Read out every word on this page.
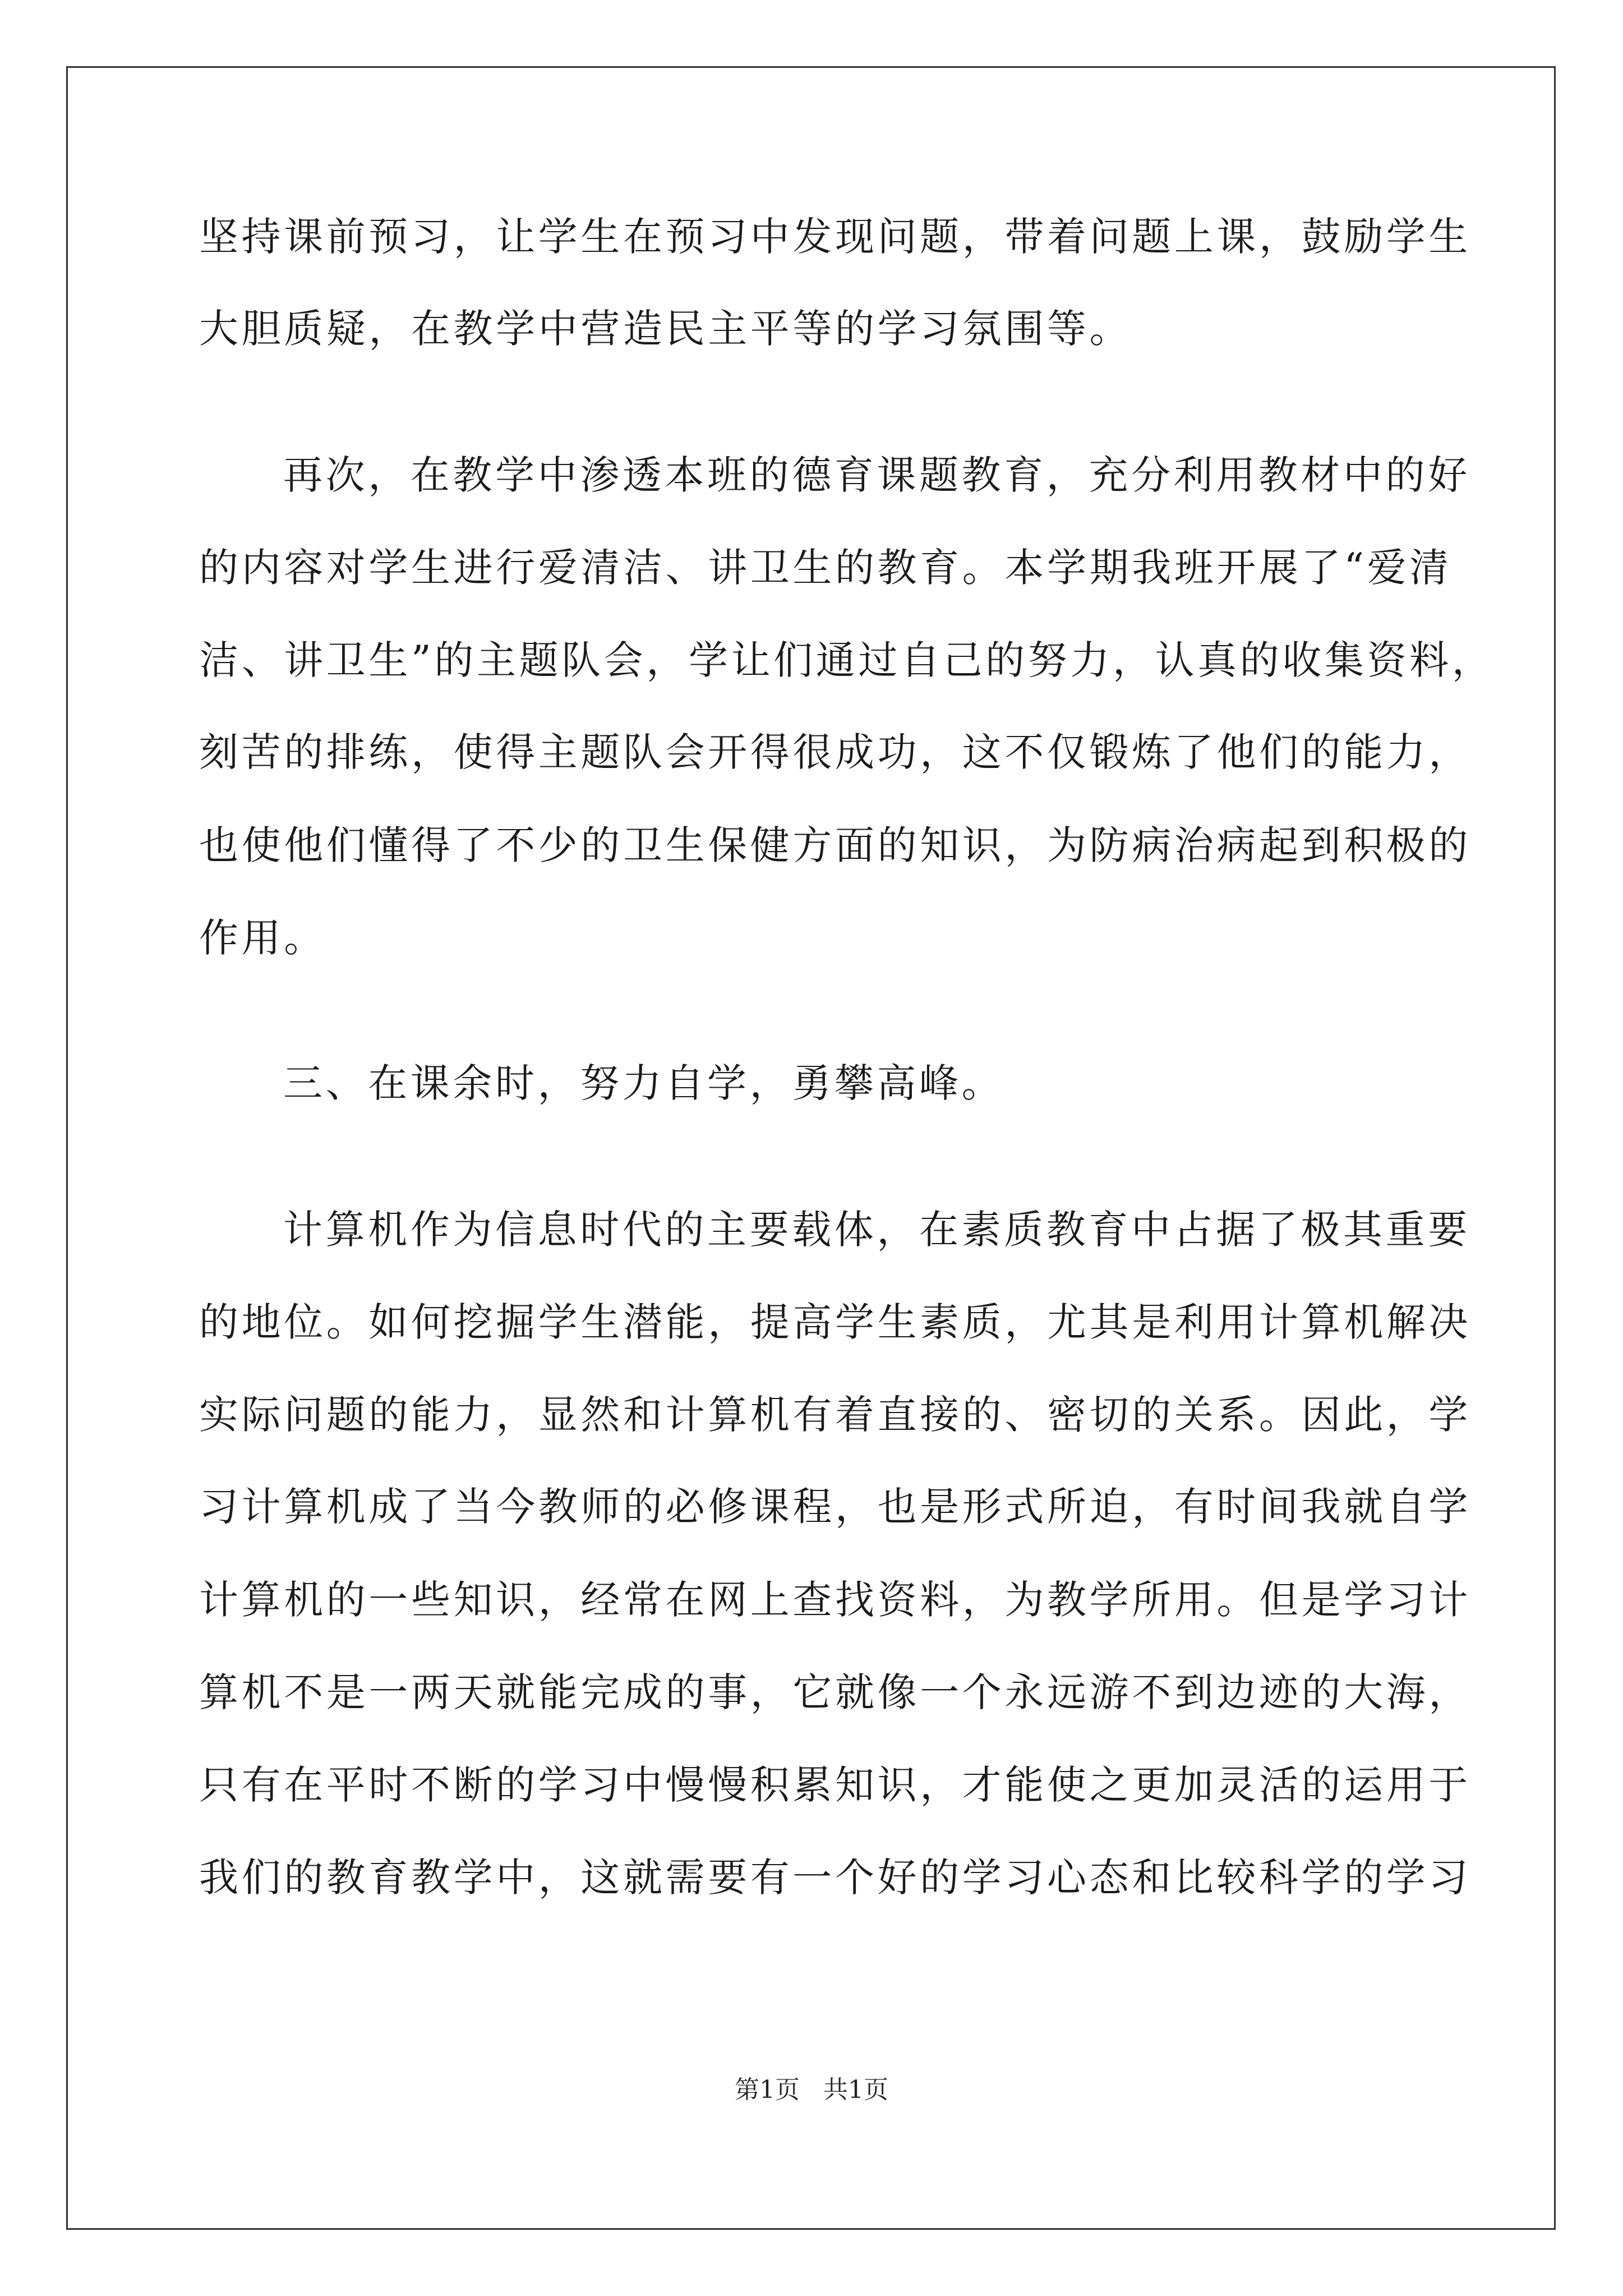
坚持课前预习，让学生在预习中发现问题，带着问题上课，鼓励学生
大胆质疑，在教学中营造民主平等的学习氛围等。
再次，在教学中渗透本班的德育课题教育，充分利用教材中的好
的内容对学生进行爱清洁、讲卫生的教育。本学期我班开展了“爱清
洁、讲卫生”的主题队会，学让们通过自己的努力，认真的收集资料，
刻苦的排练，使得主题队会开得很成功，这不仅锻炼了他们的能力，
也使他们懂得了不少的卫生保健方面的知识，为防病治病起到积极的
作用。
三、在课余时，努力自学，勇攀高峰。
计算机作为信息时代的主要载体，在素质教育中占据了极其重要
的地位。如何挖掘学生潜能，提高学生素质，尤其是利用计算机解决
实际问题的能力，显然和计算机有着直接的、密切的关系。因此，学
习计算机成了当今教师的必修课程，也是形式所迫，有时间我就自学
计算机的一些知识，经常在网上查找资料，为教学所用。但是学习计
算机不是一两天就能完成的事，它就像一个永远游不到边迹的大海，
只有在平时不断的学习中慢慢积累知识，才能使之更加灵活的运用于
我们的教育教学中，这就需要有一个好的学习心态和比较科学的学习
第1页 共1页
